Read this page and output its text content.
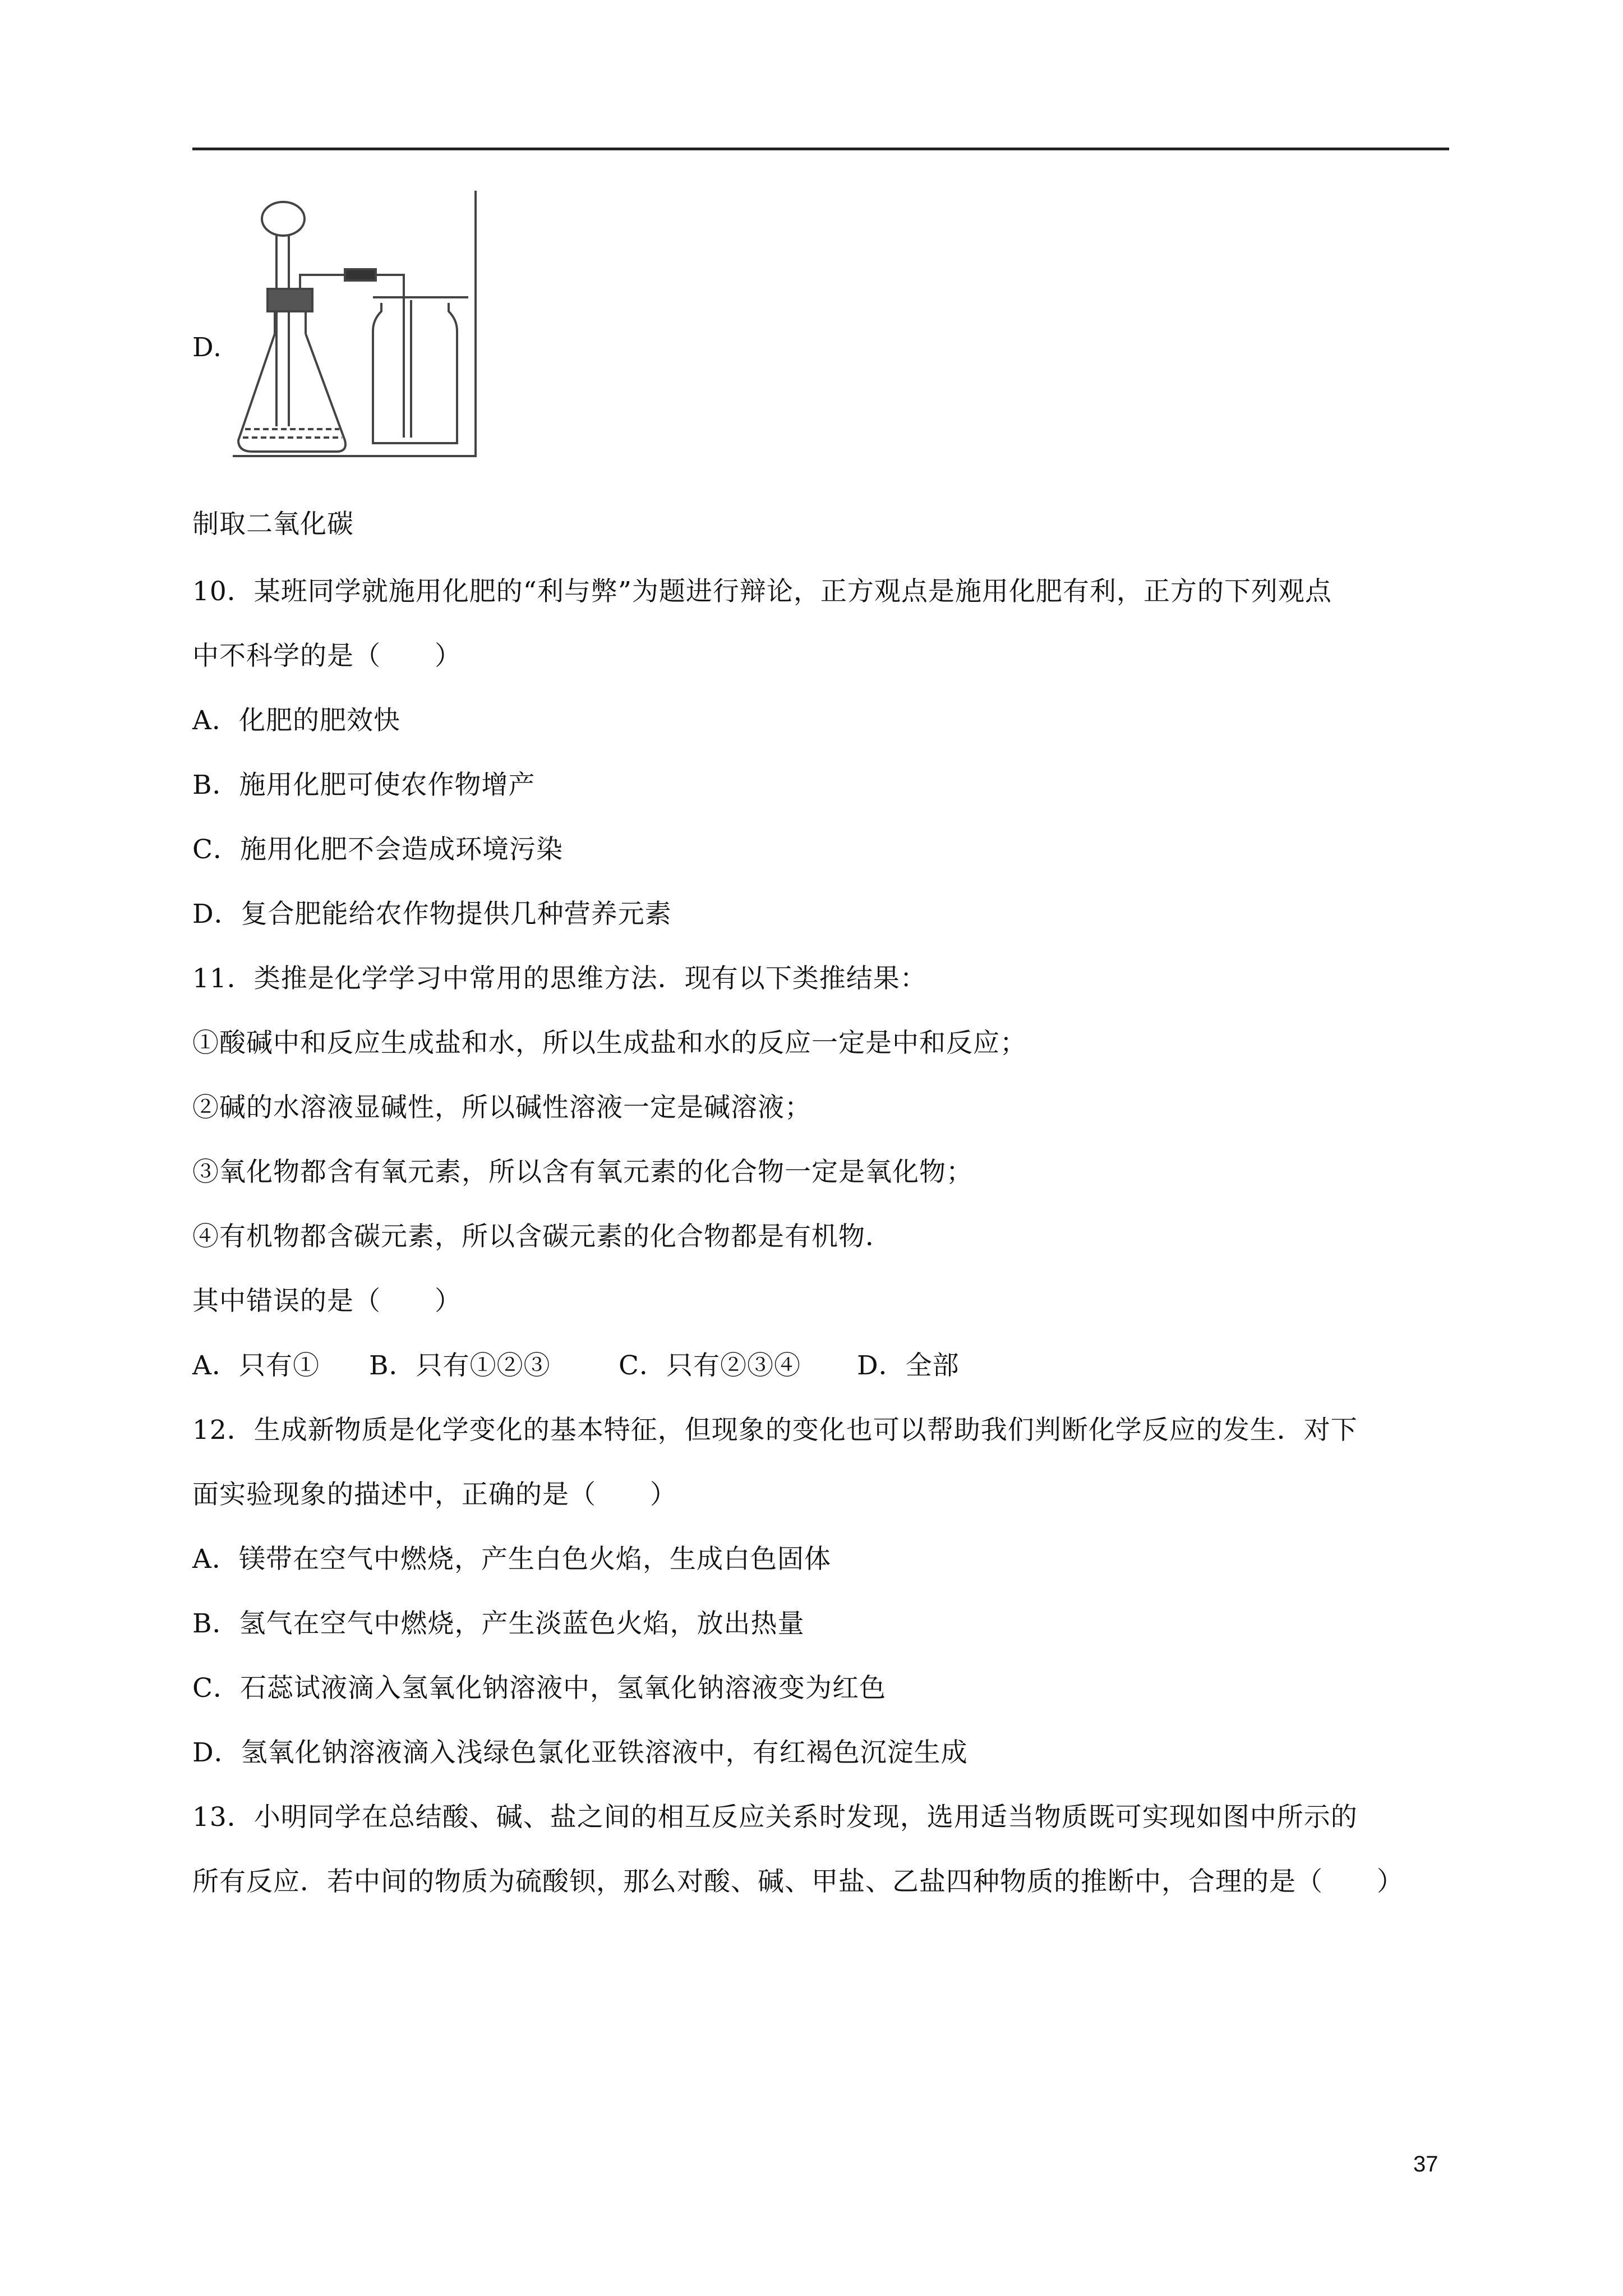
D.
制取二氧化碳
10．某班同学就施用化肥的“利与弊”为题进行辩论，正方观点是施用化肥有利，正方的下列观点
中不科学的是（　　）
A．化肥的肥效快
B．施用化肥可使农作物增产
C．施用化肥不会造成环境污染
D．复合肥能给农作物提供几种营养元素
11．类推是化学学习中常用的思维方法．现有以下类推结果：
①酸碱中和反应生成盐和水，所以生成盐和水的反应一定是中和反应；
②碱的水溶液显碱性，所以碱性溶液一定是碱溶液；
③氧化物都含有氧元素，所以含有氧元素的化合物一定是氧化物；
④有机物都含碳元素，所以含碳元素的化合物都是有机物．
其中错误的是（　　）
A．只有① B．只有①②③	C．只有②③④ D．全部
12．生成新物质是化学变化的基本特征，但现象的变化也可以帮助我们判断化学反应的发生．对下
面实验现象的描述中，正确的是（　　）
A．镁带在空气中燃烧，产生白色火焰，生成白色固体
B．氢气在空气中燃烧，产生淡蓝色火焰，放出热量
C．石蕊试液滴入氢氧化钠溶液中，氢氧化钠溶液变为红色
D．氢氧化钠溶液滴入浅绿色氯化亚铁溶液中，有红褐色沉淀生成
13．小明同学在总结酸、碱、盐之间的相互反应关系时发现，选用适当物质既可实现如图中所示的
所有反应．若中间的物质为硫酸钡，那么对酸、碱、甲盐、乙盐四种物质的推断中，合理的是（　　）
37
